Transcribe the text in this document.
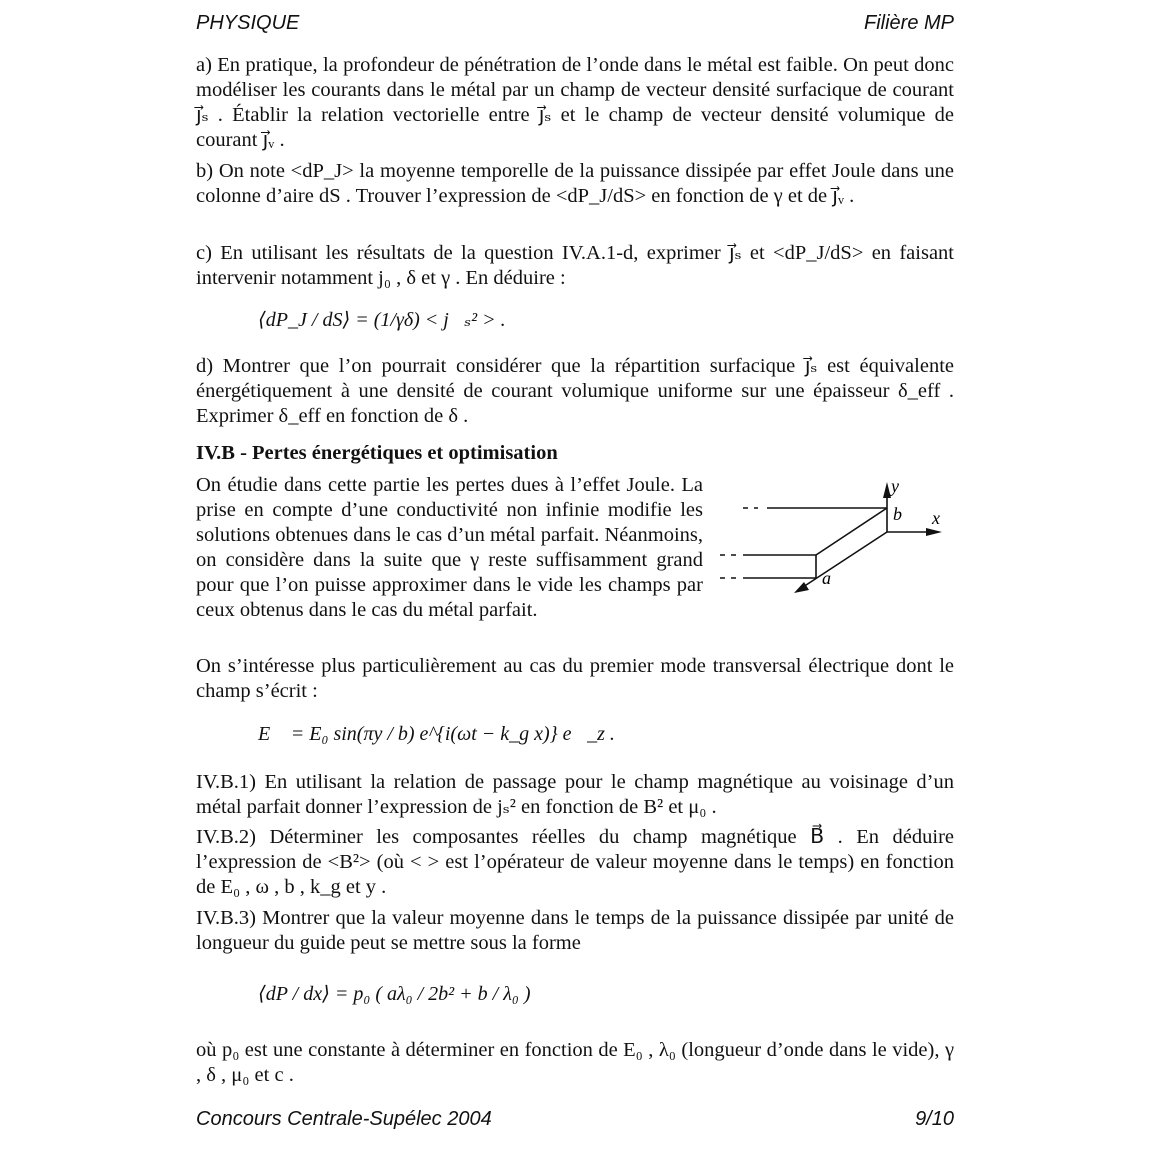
PHYSIQUE	Filière MP
a) En pratique, la profondeur de pénétration de l’onde dans le métal est faible. On peut donc modéliser les courants dans le métal par un champ de vecteur densité surfacique de courant j⃗ₛ . Établir la relation vectorielle entre j⃗ₛ et le champ de vecteur densité volumique de courant j⃗ᵥ .
b) On note <dP_J> la moyenne temporelle de la puissance dissipée par effet Joule dans une colonne d’aire dS . Trouver l’expression de <dP_J/dS> en fonction de γ et de j⃗ᵥ .
c) En utilisant les résultats de la question IV.A.1-d, exprimer j⃗ₛ et <dP_J/dS> en faisant intervenir notamment j₀ , δ et γ . En déduire :
⟨dP_J / dS⟩ = (1/γδ) < j⃗ₛ² > .
d) Montrer que l’on pourrait considérer que la répartition surfacique j⃗ₛ est équivalente énergétiquement à une densité de courant volumique uniforme sur une épaisseur δ_eff . Exprimer δ_eff en fonction de δ .
IV.B - Pertes énergétiques et optimisation
On étudie dans cette partie les pertes dues à l’effet Joule. La prise en compte d’une conductivité non infinie modifie les solutions obtenues dans le cas d’un métal parfait. Néanmoins, on considère dans la suite que γ reste suffisamment grand pour que l’on puisse approximer dans le vide les champs par ceux obtenus dans le cas du métal parfait.
y
x
b
a
On s’intéresse plus particulièrement au cas du premier mode transversal électrique dont le champ s’écrit :
E⃗ = E₀ sin(πy / b) e^{i(ωt − k_g x)} e⃗_z .
IV.B.1) En utilisant la relation de passage pour le champ magnétique au voisinage d’un métal parfait donner l’expression de jₛ² en fonction de B² et μ₀ .
IV.B.2) Déterminer les composantes réelles du champ magnétique B⃗ . En déduire l’expression de <B²> (où < > est l’opérateur de valeur moyenne dans le temps) en fonction de E₀ , ω , b , k_g et y .
IV.B.3) Montrer que la valeur moyenne dans le temps de la puissance dissipée par unité de longueur du guide peut se mettre sous la forme
⟨dP / dx⟩ = p₀ ( aλ₀ / 2b² + b / λ₀ )
où p₀ est une constante à déterminer en fonction de E₀ , λ₀ (longueur d’onde dans le vide), γ , δ , μ₀ et c .
Concours Centrale-Supélec 2004	9/10
